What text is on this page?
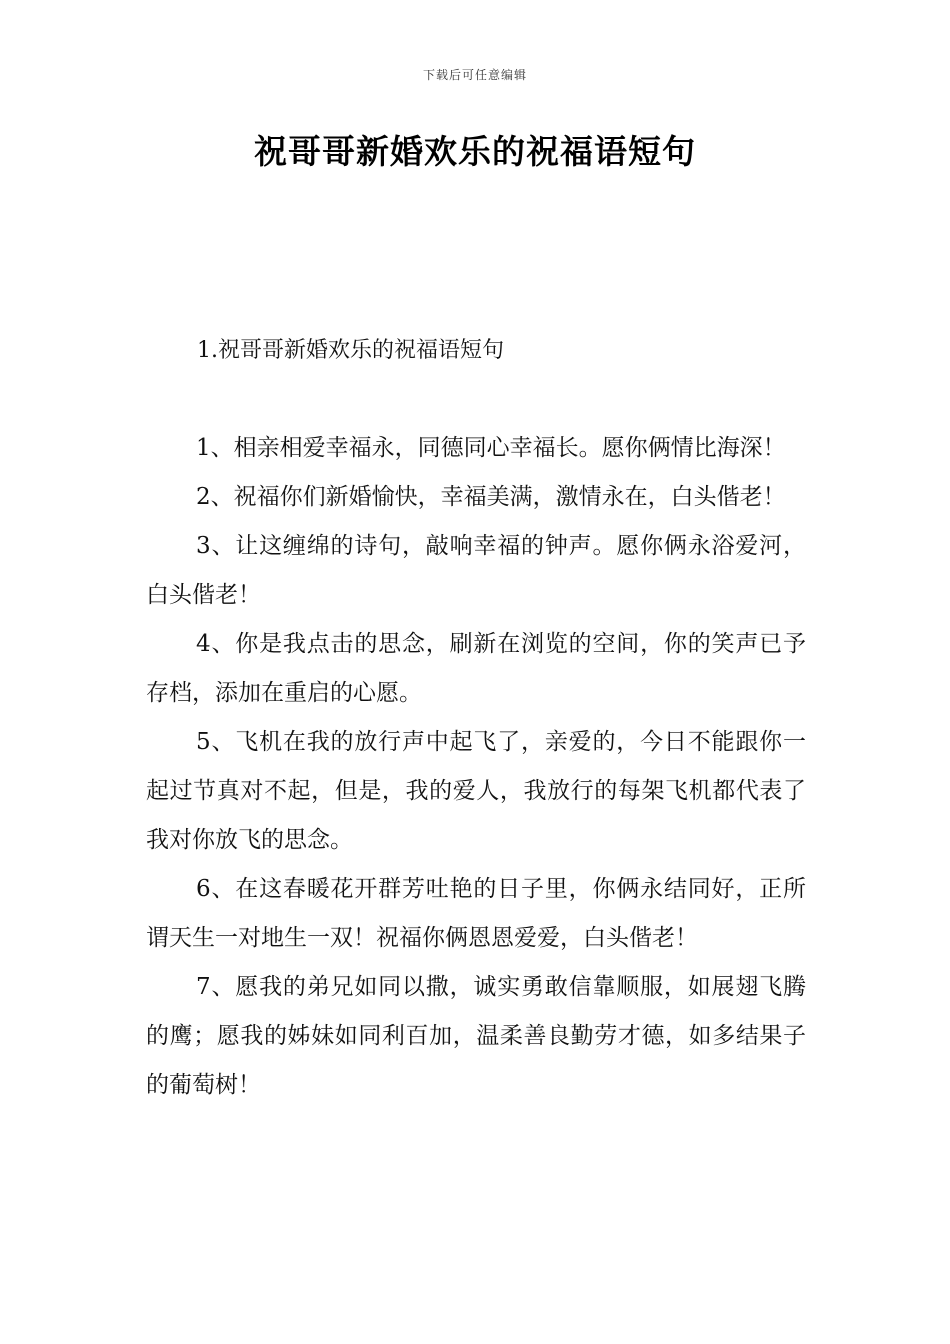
下载后可任意编辑
祝哥哥新婚欢乐的祝福语短句
1.祝哥哥新婚欢乐的祝福语短句

1、相亲相爱幸福永，同德同心幸福长。愿你俩情比海深！

2、祝福你们新婚愉快，幸福美满，激情永在，白头偕老！

3、让这缠绵的诗句，敲响幸福的钟声。愿你俩永浴爱河，白头偕老！

4、你是我点击的思念，刷新在浏览的空间，你的笑声已予存档，添加在重启的心愿。

5、飞机在我的放行声中起飞了，亲爱的，今日不能跟你一起过节真对不起，但是，我的爱人，我放行的每架飞机都代表了我对你放飞的思念。

6、在这春暖花开群芳吐艳的日子里，你俩永结同好，正所谓天生一对地生一双！祝福你俩恩恩爱爱，白头偕老！

7、愿我的弟兄如同以撒，诚实勇敢信靠顺服，如展翅飞腾的鹰；愿我的姊妹如同利百加，温柔善良勤劳才德，如多结果子的葡萄树！
